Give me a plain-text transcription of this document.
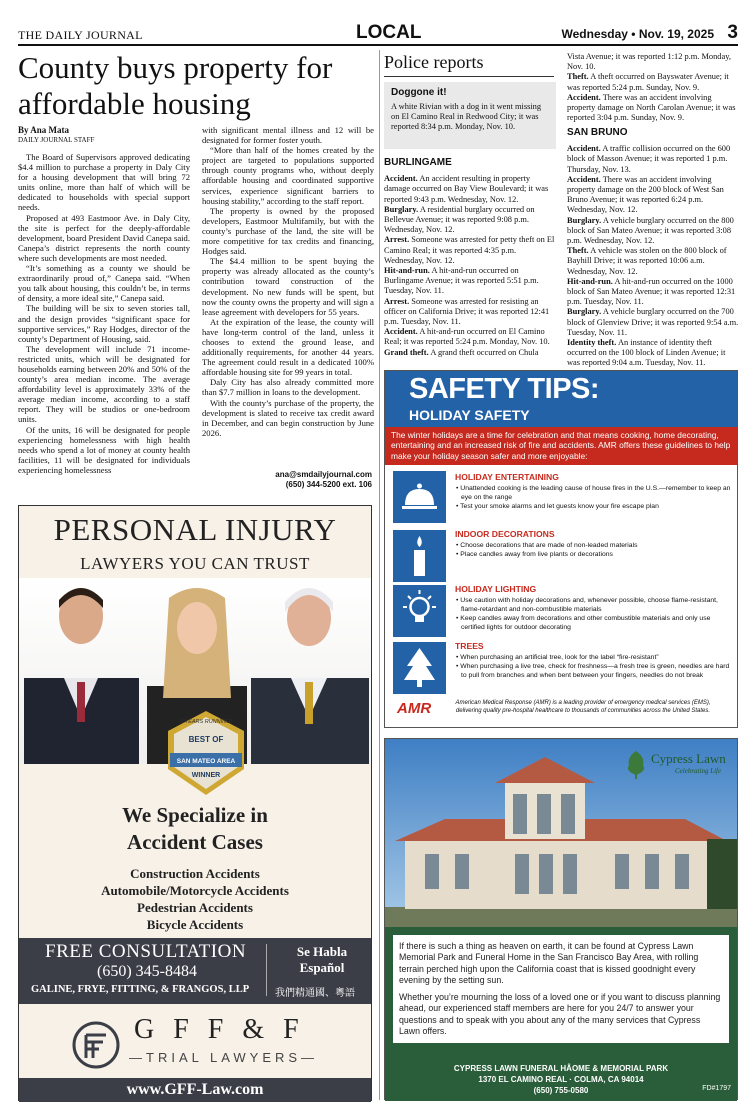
THE DAILY JOURNAL	LOCAL	Wednesday • Nov. 19, 2025 3
County buys property for affordable housing
By Ana Mata
DAILY JOURNAL STAFF

The Board of Supervisors approved dedicating $4.4 million to purchase a property in Daly City for a housing development that will bring 72 units online, more than half of which will be dedicated to households with special support needs.

Proposed at 493 Eastmoor Ave. in Daly City, the site is perfect for the deeply-affordable development, board President David Canepa said. Canepa’s district represents the north county where such developments are most needed.

“It’s something as a county we should be extraordinarily proud of,” Canepa said. “When you talk about housing, this couldn’t be, in terms of density, a more ideal site,” Canepa said.

The building will be six to seven stories tall, and the design provides “significant space for supportive services,” Ray Hodges, director of the county’s Department of Housing, said.

The development will include 71 income-restricted units, which will be designated for households earning between 20% and 50% of the county’s area median income. The average affordability level is approximately 33% of the average median income, according to a staff report. They will be studios or one-bedroom units.

Of the units, 16 will be designated for people experiencing homelessness with high health needs who spend a lot of money at county health facilities, 11 will be designated for individuals experiencing homelessness

with significant mental illness and 12 will be designated for former foster youth.

“More than half of the homes created by the project are targeted to populations supported through county programs who, without deeply affordable housing and coordinated supportive services, experience significant barriers to housing stability,” according to the staff report.

The property is owned by the proposed developers, Eastmoor Multifamily, but with the county’s purchase of the land, the site will be more competitive for tax credits and financing, Hodges said.

The $4.4 million to be spent buying the property was already allocated as the county’s contribution toward construction of the development. No new funds will be spent, but now the county owns the property and will sign a lease agreement with developers for 55 years.

At the expiration of the lease, the county will have long-term control of the land, unless it chooses to extend the ground lease, and additionally requirements, for another 44 years. The agreement could result in a dedicated 100% affordable housing site for 99 years in total.

Daly City has also already committed more than $7.7 million in loans to the development.

With the county’s purchase of the property, the development is slated to receive tax credit award in December, and can begin construction by June 2026.

ana@smdailyjournal.com
(650) 344-5200 ext. 106
Police reports
Doggone it!
A white Rivian with a dog in it went missing on El Camino Real in Redwood City; it was reported 8:34 p.m. Monday, Nov. 10.
BURLINGAME

Accident. An accident resulting in property damage occurred on Bay View Boulevard; it was reported 9:43 p.m. Wednesday, Nov. 12.

Burglary. A residential burglary occurred on Bellevue Avenue; it was reported 9:08 p.m. Wednesday, Nov. 12.

Arrest. Someone was arrested for petty theft on El Camino Real; it was reported 4:35 p.m. Wednesday, Nov. 12.

Hit-and-run. A hit-and-run occurred on Burlingame Avenue; it was reported 5:51 p.m. Tuesday, Nov. 11.

Arrest. Someone was arrested for resisting an officer on California Drive; it was reported 12:41 p.m. Tuesday, Nov. 11.

Accident. A hit-and-run occurred on El Camino Real; it was reported 5:24 p.m. Monday, Nov. 10.

Grand theft. A grand theft occurred on Chula

Vista Avenue; it was reported 1:12 p.m. Monday, Nov. 10.

Theft. A theft occurred on Bayswater Avenue; it was reported 5:24 p.m. Sunday, Nov. 9.

Accident. There was an accident involving property damage on North Carolan Avenue; it was reported 3:04 p.m. Sunday, Nov. 9.

SAN BRUNO

Accident. A traffic collision occurred on the 600 block of Masson Avenue; it was reported 1 p.m. Thursday, Nov. 13.

Accident. There was an accident involving property damage on the 200 block of West San Bruno Avenue; it was reported 6:24 p.m. Wednesday, Nov. 12.

Burglary. A vehicle burglary occurred on the 800 block of San Mateo Avenue; it was reported 3:08 p.m. Wednesday, Nov. 12.

Theft. A vehicle was stolen on the 800 block of Bayhill Drive; it was reported 10:06 a.m. Wednesday, Nov. 12.

Hit-and-run. A hit-and-run occurred on the 1000 block of San Mateo Avenue; it was reported 12:31 p.m. Tuesday, Nov. 11.

Burglary. A vehicle burglary occurred on the 700 block of Glenview Drive; it was reported 9:54 a.m. Tuesday, Nov. 11.

Identity theft. An instance of identity theft occurred on the 100 block of Linden Avenue; it was reported 9:04 a.m. Tuesday, Nov. 11.

SAFETY TIPS:
HOLIDAY SAFETY
The winter holidays are a time for celebration and that means cooking, home decorating, entertaining and an increased risk of fire and accidents. AMR offers these guidelines to help make your holiday season safer and more enjoyable:
HOLIDAY ENTERTAINING
• Unattended cooking is the leading cause of house fires in the U.S.—remember to keep an eye on the range
• Test your smoke alarms and let guests know your fire escape plan
INDOOR DECORATIONS
• Choose decorations that are made of non-leaded materials
• Place candles away from live plants or decorations
HOLIDAY LIGHTING
• Use caution with holiday decorations and, whenever possible, choose flame-resistant, flame-retardant and non-combustible materials
• Keep candles away from decorations and other combustible materials and only use certified lights for outdoor decorating
TREES
• When purchasing an artificial tree, look for the label “fire-resistant”
• When purchasing a live tree, check for freshness—a fresh tree is green, needles are hard to pull from branches and when bent between your fingers, needles do not break
AMR	American Medical Response (AMR) is a leading provider of emergency medical services (EMS), delivering quality pre-hospital healthcare to thousands of communities across the United States.
PERSONAL INJURY
LAWYERS YOU CAN TRUST
BEST OF
SAN MATEO AREA
WINNER
3 YEARS RUNNING!
We Specialize in Accident Cases
Construction Accidents
Automobile/Motorcycle Accidents
Pedestrian Accidents
Bicycle Accidents
FREE CONSULTATION
(650) 345-8484
GALINE, FRYE, FITTING, & FRANGOS, LLP
Se Habla Español
我們精通國、粵語
G F F & F
—TRIAL LAWYERS—
www.GFF-Law.com
Cypress Lawn
Celebrating Life

If there is such a thing as heaven on earth, it can be found at Cypress Lawn Memorial Park and Funeral Home in the San Francisco Bay Area, with rolling terrain perched high upon the California coast that is kissed goodnight every evening by the setting sun.

Whether you’re mourning the loss of a loved one or if you want to discuss planning ahead, our experienced staff members are here for you 24/7 to answer your questions and to speak with you about any of the many services that Cypress Lawn offers.

CYPRESS LAWN FUNERAL HÂOME & MEMORIAL PARK
1370 EL CAMINO REAL · COLMA, CA 94014
(650) 755-0580	FD#1797
